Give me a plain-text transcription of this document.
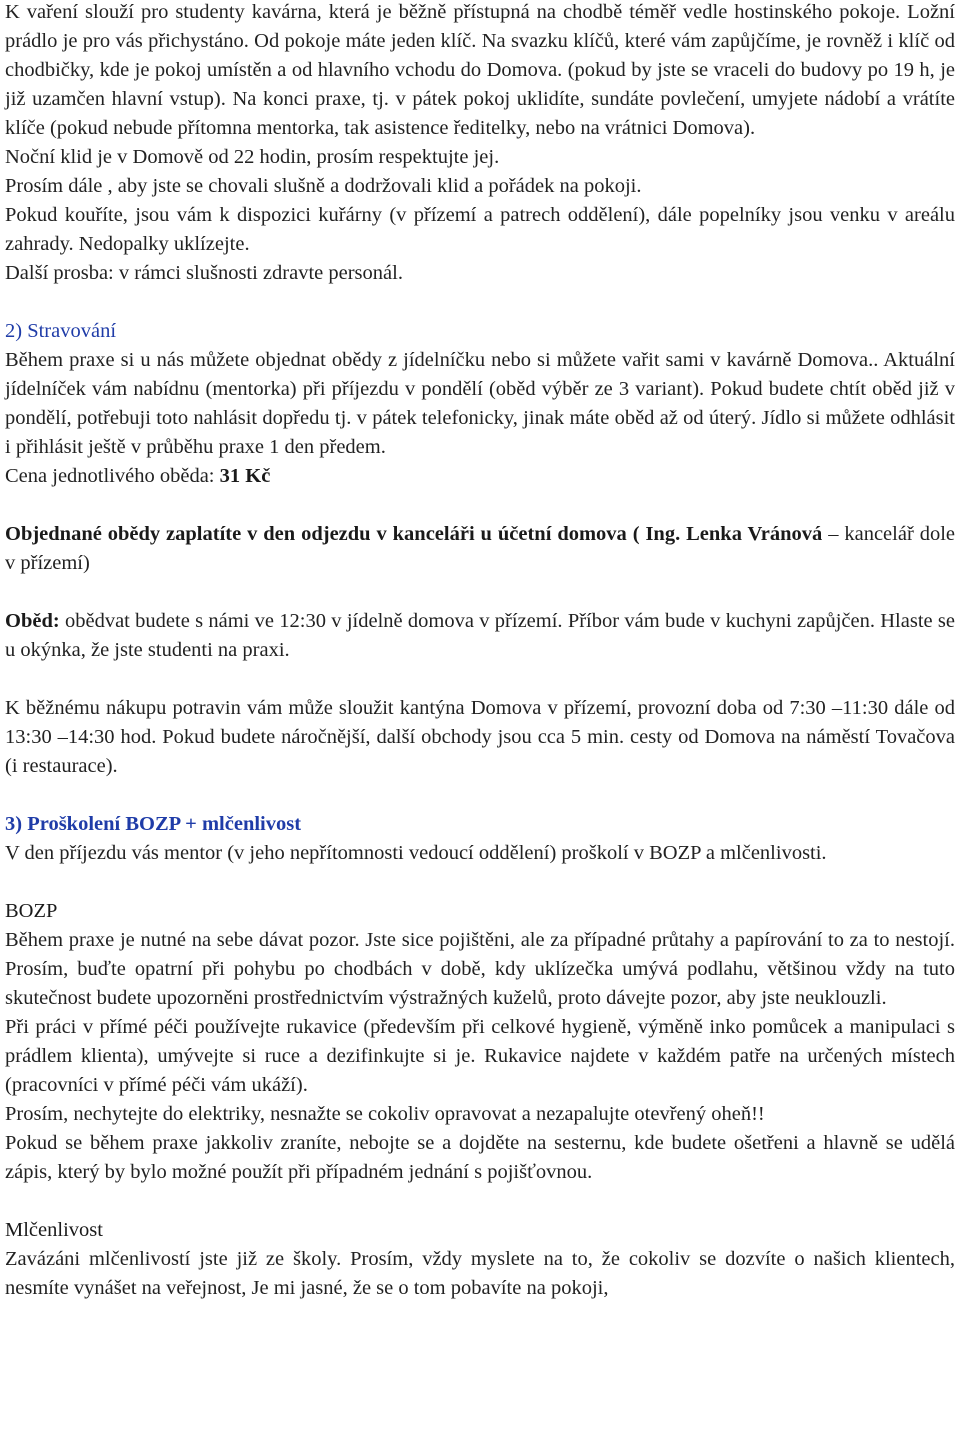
K vaření slouží pro studenty kavárna, která je běžně přístupná na chodbě téměř vedle hostinského pokoje. Ložní prádlo je pro vás přichystáno. Od pokoje máte jeden klíč. Na svazku klíčů, které vám zapůjčíme, je rovněž i klíč od chodbičky, kde je pokoj umístěn a od hlavního vchodu do Domova. (pokud by jste se vraceli do budovy po 19 h, je již uzamčen hlavní vstup). Na konci praxe, tj. v pátek pokoj uklidíte, sundáte povlečení, umyjete nádobí a vrátíte klíče (pokud nebude přítomna mentorka, tak asistence ředitelky, nebo na vrátnici Domova).

Noční klid je v Domově od 22 hodin, prosím respektujte jej.

Prosím dále , aby jste se chovali slušně a dodržovali klid a pořádek na pokoji.

Pokud kouříte, jsou vám k dispozici kuřárny (v přízemí a patrech oddělení), dále popelníky jsou venku v areálu zahrady. Nedopalky uklízejte.

Další prosba: v rámci slušnosti zdravte personál.

2) Stravování

Během praxe si u nás můžete objednat obědy z jídelníčku nebo si můžete vařit sami v kavárně Domova.. Aktuální jídelníček vám nabídnu (mentorka) při příjezdu v pondělí (oběd výběr ze 3 variant). Pokud budete chtít oběd již v pondělí, potřebuji toto nahlásit dopředu tj. v pátek telefonicky, jinak máte oběd až od úterý. Jídlo si můžete odhlásit i přihlásit ještě v průběhu praxe 1 den předem.

Cena jednotlivého oběda: 31 Kč

Objednané obědy zaplatíte v den odjezdu v kanceláři u účetní domova ( Ing. Lenka Vránová – kancelář dole v přízemí)

Oběd: obědvat budete s námi ve 12:30 v jídelně domova v přízemí. Příbor vám bude v kuchyni zapůjčen. Hlaste se u okýnka, že jste studenti na praxi.

K běžnému nákupu potravin vám může sloužit kantýna Domova v přízemí, provozní doba od 7:30 –11:30 dále od 13:30 –14:30 hod. Pokud budete náročnější, další obchody jsou cca 5 min. cesty od Domova na náměstí Tovačova (i restaurace).

3) Proškolení BOZP + mlčenlivost

V den příjezdu vás mentor (v jeho nepřítomnosti vedoucí oddělení) proškolí v BOZP a mlčenlivosti.

BOZP

Během praxe je nutné na sebe dávat pozor. Jste sice pojištěni, ale za případné průtahy a papírování to za to nestojí. Prosím, buďte opatrní při pohybu po chodbách v době, kdy uklízečka umývá podlahu, většinou vždy na tuto skutečnost budete upozorněni prostřednictvím výstražných kuželů, proto dávejte pozor, aby jste neuklouzli.

Při práci v přímé péči používejte rukavice (především při celkové hygieně, výměně inko pomůcek a manipulaci s prádlem klienta), umývejte si ruce a dezifinkujte si je. Rukavice najdete v každém patře na určených místech (pracovníci v přímé péči vám ukáží).

Prosím, nechytejte do elektriky, nesnažte se cokoliv opravovat a nezapalujte otevřený oheň!!

Pokud se během praxe jakkoliv zraníte, nebojte se a dojděte na sesternu, kde budete ošetřeni a hlavně se udělá zápis, který by bylo možné použít při případném jednání s pojišťovnou.

Mlčenlivost

Zavázáni mlčenlivostí jste již ze školy. Prosím, vždy myslete na to, že cokoliv se dozvíte o našich klientech, nesmíte vynášet na veřejnost, Je mi jasné, že se o tom pobavíte na pokoji,
